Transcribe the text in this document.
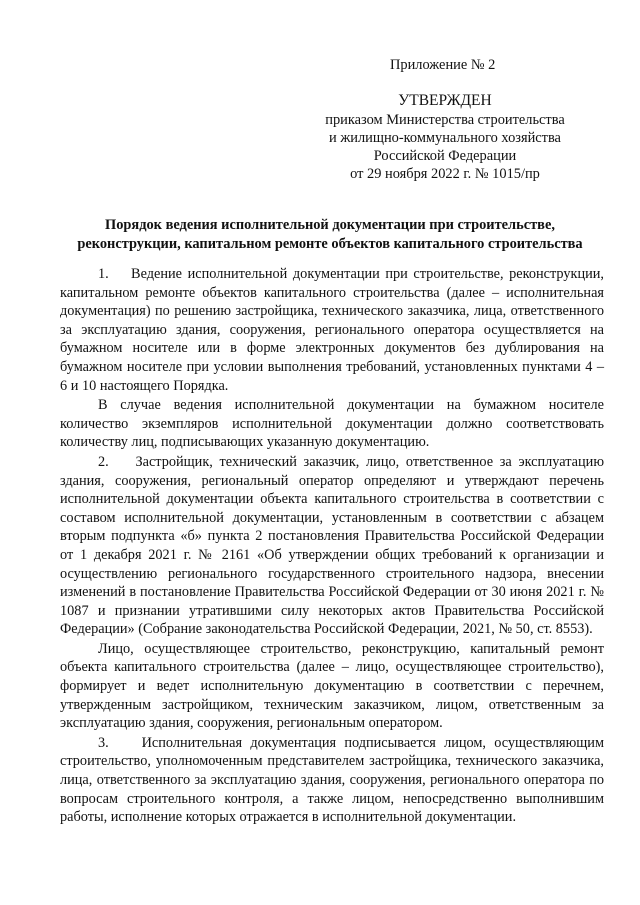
Приложение № 2
УТВЕРЖДЕН
приказом Министерства строительства
и жилищно-коммунального хозяйства
Российской Федерации
от 29 ноября 2022 г. № 1015/пр
Порядок ведения исполнительной документации при строительстве,
реконструкции, капитальном ремонте объектов капитального строительства

1.    Ведение исполнительной документации при строительстве, реконструкции, капитальном ремонте объектов капитального строительства (далее – исполнительная документация) по решению застройщика, технического заказчика, лица, ответственного за эксплуатацию здания, сооружения, регионального оператора осуществляется на бумажном носителе или в форме электронных документов без дублирования на бумажном носителе при условии выполнения требований, установленных пунктами 4 – 6 и 10 настоящего Порядка.

В случае ведения исполнительной документации на бумажном носителе количество экземпляров исполнительной документации должно соответствовать количеству лиц, подписывающих указанную документацию.

2.    Застройщик, технический заказчик, лицо, ответственное за эксплуатацию здания, сооружения, региональный оператор определяют и утверждают перечень исполнительной документации объекта капитального строительства в соответствии с составом исполнительной документации, установленным в соответствии с абзацем вторым подпункта «б» пункта 2 постановления Правительства Российской Федерации от 1 декабря 2021 г. № 2161 «Об утверждении общих требований к организации и осуществлению регионального государственного строительного надзора, внесении изменений в постановление Правительства Российской Федерации от 30 июня 2021 г. № 1087 и признании утратившими силу некоторых актов Правительства Российской Федерации» (Собрание законодательства Российской Федерации, 2021, № 50, ст. 8553).

Лицо, осуществляющее строительство, реконструкцию, капитальный ремонт объекта капитального строительства (далее – лицо, осуществляющее строительство), формирует и ведет исполнительную документацию в соответствии с перечнем, утвержденным застройщиком, техническим заказчиком, лицом, ответственным за эксплуатацию здания, сооружения, региональным оператором.

3.    Исполнительная документация подписывается лицом, осуществляющим строительство, уполномоченным представителем застройщика, технического заказчика, лица, ответственного за эксплуатацию здания, сооружения, регионального оператора по вопросам строительного контроля, а также лицом, непосредственно выполнившим работы, исполнение которых отражается в исполнительной документации.
